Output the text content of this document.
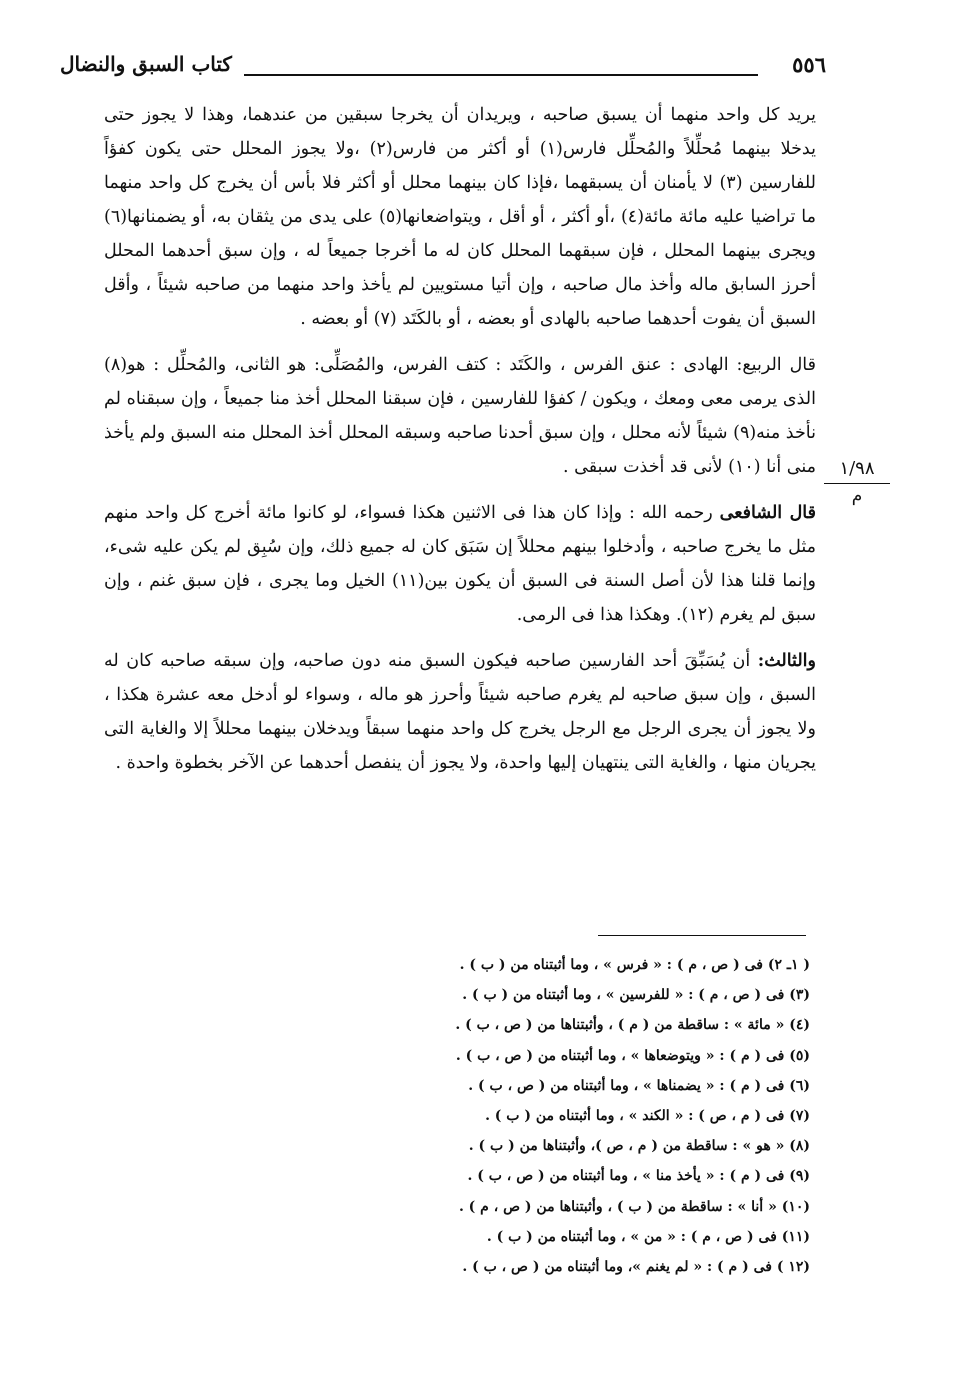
كتاب السبق والنضال	٥٥٦
١/٩٨
م

يريد كل واحد منهما أن يسبق صاحبه ، ويريدان أن يخرجا سبقين من عندهما، وهذا لا يجوز حتى يدخلا بينهما مُحلِّلاً والمُحلِّل فارس(١) أو أكثر من فارس(٢) ،ولا يجوز المحلل حتى يكون كفؤاً للفارسين (٣) لا يأمنان أن يسبقهما ،فإذا كان بينهما محلل أو أكثر فلا بأس أن يخرج كل واحد منهما ما تراضيا عليه مائة مائة(٤) ،أو أكثر ، أو أقل ، ويتواضعانها(٥) على يدى من يثقان به، أو يضمنانها(٦) ويجرى بينهما المحلل ، فإن سبقهما المحلل كان له ما أخرجا جميعاً له ، وإن سبق أحدهما المحلل أحرز السابق ماله وأخذ مال صاحبه ، وإن أتيا مستويين لم يأخذ واحد منهما من صاحبه شيئاً ، وأقل السبق أن يفوت أحدهما صاحبه بالهادى أو بعضه ، أو بالكَتَد (٧) أو بعضه .

قال الربيع: الهادى : عنق الفرس ، والكَتَد : كتف الفرس، والمُصَلِّى: هو الثانى، والمُحلِّل : هو(٨) الذى يرمى معى ومعك ، ويكون / كفؤا للفارسين ، فإن سبقنا المحلل أخذ منا جميعاً ، وإن سبقناه لم نأخذ منه(٩) شيئاً لأنه محلل ، وإن سبق أحدنا صاحبه وسبقه المحلل أخذ المحلل منه السبق ولم يأخذ منى أنا (١٠) لأنى قد أخذت سبقى .

قال الشافعى رحمه الله : وإذا كان هذا فى الاثنين هكذا فسواء، لو كانوا مائة أخرج كل واحد منهم مثل ما يخرج صاحبه ، وأدخلوا بينهم محللاً إن سَبَق كان له جميع ذلك، وإن سُبِق لم يكن عليه شىء، وإنما قلنا هذا لأن أصل السنة فى السبق أن يكون بين(١١) الخيل وما يجرى ، فإن سبق غنم ، وإن سبق لم يغرم (١٢). وهكذا هذا فى الرمى.

والثالث: أن يُسَبِّقَ أحد الفارسين صاحبه فيكون السبق منه دون صاحبه، وإن سبقه صاحبه كان له السبق ، وإن سبق صاحبه لم يغرم صاحبه شيئاً وأحرز هو ماله ، وسواء لو أدخل معه عشرة هكذا ، ولا يجوز أن يجرى الرجل مع الرجل يخرج كل واحد منهما سبقاً ويدخلان بينهما محللاً إلا والغاية التى يجريان منها ، والغاية التى ينتهيان إليها واحدة، ولا يجوز أن ينفصل أحدهما عن الآخر بخطوة واحدة .

( ١ـ ٢) فى ( ص ، م ) : « فرس » ، وما أثبتناه من ( ب ) .
(٣) فى ( ص ، م ) : « للفرسين » ، وما أثبتناه من ( ب ) .
(٤) « مائة » : ساقطة من ( م ) ، وأثبتناها من ( ص ، ب ) .
(٥) فى ( م ) : « ويتوضعاها » ، وما أثبتناه من ( ص ، ب ) .
(٦) فى ( م ) : « يضمناها » ، وما أثبتناه من ( ص ، ب ) .
(٧) فى ( م ، ص ) : « الكند » ، وما أثبتناه من ( ب ) .
(٨) « هو » : ساقطة من ( م ، ص )، وأثبتناها من ( ب ) .
(٩) فى ( م ) : « يأخذ منا » ، وما أثبتناه من ( ص ، ب ) .
(١٠) « أنا » : ساقطة من ( ب ) ، وأثبتناها من ( ص ، م ) .
(١١) فى ( ص ، م ) : « من » ، وما أثبتناه من ( ب ) .
(١٢ ) فى ( م ) : « لم يغنم »، وما أثبتناه من ( ص ، ب ) .
